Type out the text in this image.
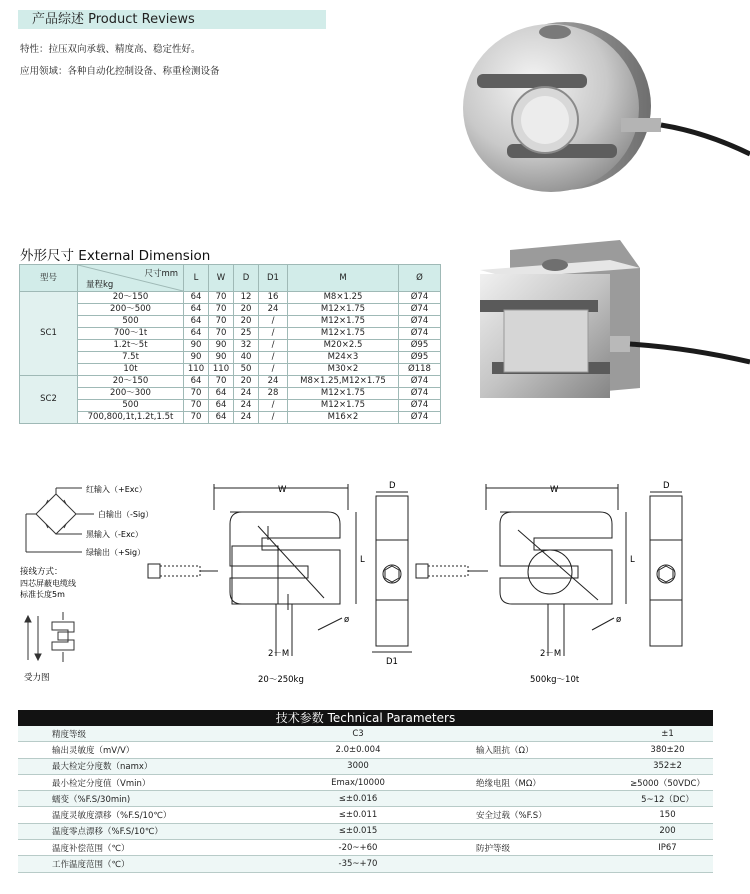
产品综述 Product Reviews
特性：拉压双向承载、精度高、稳定性好。
应用领域：各种自动化控制设备、称重检测设备
外形尺寸 External Dimension
型号	尺寸mm
量程kg	L	W	D	D1	M	Ø
SC1	20～150	64	70	12	16	M8×1.25	Ø74
	200～500	64	70	20	24	M12×1.75	Ø74
	500	64	70	20	/	M12×1.75	Ø74
	700～1t	64	70	25	/	M12×1.75	Ø74
	1.2t～5t	90	90	32	/	M20×2.5	Ø95
	7.5t	90	90	40	/	M24×3	Ø95
	10t	110	110	50	/	M30×2	Ø118
SC2	20～150	64	70	20	24	M8×1.25,M12×1.75	Ø74
	200～300	70	64	24	28	M12×1.75	Ø74
	500	70	64	24	/	M12×1.75	Ø74
	700,800,1t,1.2t,1.5t	70	64	24	/	M16×2	Ø74
红输入（+Exc）
白输出（-Sig）
黑输入（-Exc）
绿输出（+Sig）
接线方式：
四芯屏蔽电缆线
标准长度5m
受力图
W
L
ø
2－M
20～250kg
D
D1
W
L
ø
2－M
500kg～10t
D
技术参数 Technical Parameters
精度等级	C3		±1
输出灵敏度（mV/V）	2.0±0.004	输入阻抗（Ω）	380±20
最大检定分度数（namx）	3000		352±2
最小检定分度值（Vmin）	Emax/10000	绝缘电阻（MΩ）	≥5000（50VDC）
蠕变（%F.S/30min)	≤±0.016		5~12（DC）
温度灵敏度漂移（%F.S/10℃）	≤±0.011	安全过载（%F.S）	150
温度零点漂移（%F.S/10℃）	≤±0.015		200
温度补偿范围（℃）	-20~+60	防护等级	IP67
工作温度范围（℃）	-35~+70		
